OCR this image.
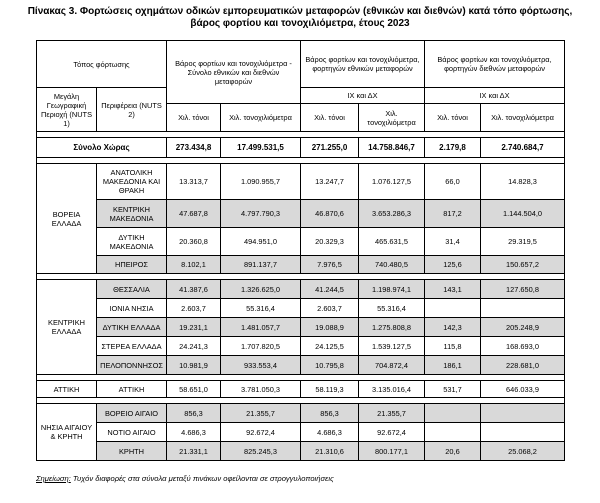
Πίνακας 3. Φορτώσεις οχημάτων οδικών εμπορευματικών μεταφορών (εθνικών και διεθνών) κατά τόπο φόρτωσης,
βάρος φορτίου και τονοχιλιόμετρα, έτους 2023
Τόπος φόρτωσης		Βάρος φορτίων και τονοχιλιόμετρα - Σύνολο εθνικών και διεθνών μεταφορών		Βάρος φορτίων και τονοχιλιόμετρα, φορτηγών εθνικών μεταφορών		Βάρος φορτίων και τονοχιλιόμετρα, φορτηγών διεθνών μεταφορών	
Μεγάλη Γεωγραφική Περιοχή (NUTS 1)	Περιφέρεια (NUTS 2)			ΙΧ και ΔΧ		ΙΧ και ΔΧ	
		Χιλ. τόνοι	Χιλ. τονοχιλιόμετρα	Χιλ. τόνοι	Χιλ. τονοχιλιόμετρα	Χιλ. τόνοι	Χιλ. τονοχιλιόμετρα

Σύνολο Χώρας		273.434,8	17.499.531,5	271.255,0	14.758.846,7	2.179,8	2.740.684,7

ΒΟΡΕΙΑ ΕΛΛΑΔΑ	ΑΝΑΤΟΛΙΚΗ ΜΑΚΕΔΟΝΙΑ ΚΑΙ ΘΡΑΚΗ	13.313,7	1.090.955,7	13.247,7	1.076.127,5	66,0	14.828,3
	ΚΕΝΤΡΙΚΗ ΜΑΚΕΔΟΝΙΑ	47.687,8	4.797.790,3	46.870,6	3.653.286,3	817,2	1.144.504,0
	ΔΥΤΙΚΗ ΜΑΚΕΔΟΝΙΑ	20.360,8	494.951,0	20.329,3	465.631,5	31,4	29.319,5
	ΗΠΕΙΡΟΣ	8.102,1	891.137,7	7.976,5	740.480,5	125,6	150.657,2

ΚΕΝΤΡΙΚΗ ΕΛΛΑΔΑ	ΘΕΣΣΑΛΙΑ	41.387,6	1.326.625,0	41.244,5	1.198.974,1	143,1	127.650,8
	ΙΟΝΙΑ ΝΗΣΙΑ	2.603,7	55.316,4	2.603,7	55.316,4		
	ΔΥΤΙΚΗ ΕΛΛΑΔΑ	19.231,1	1.481.057,7	19.088,9	1.275.808,8	142,3	205.248,9
	ΣΤΕΡΕΑ ΕΛΛΑΔΑ	24.241,3	1.707.820,5	24.125,5	1.539.127,5	115,8	168.693,0
	ΠΕΛΟΠΟΝΝΗΣΟΣ	10.981,9	933.553,4	10.795,8	704.872,4	186,1	228.681,0

ΑΤΤΙΚΗ	ΑΤΤΙΚΗ	58.651,0	3.781.050,3	58.119,3	3.135.016,4	531,7	646.033,9

ΝΗΣΙΑ ΑΙΓΑΙΟΥ & ΚΡΗΤΗ	ΒΟΡΕΙΟ ΑΙΓΑΙΟ	856,3	21.355,7	856,3	21.355,7		
	ΝΟΤΙΟ ΑΙΓΑΙΟ	4.686,3	92.672,4	4.686,3	92.672,4		
	ΚΡΗΤΗ	21.331,1	825.245,3	21.310,6	800.177,1	20,6	25.068,2
Σημείωση: Τυχόν διαφορές στα σύνολα μεταξύ πινάκων οφείλονται σε στρογγυλοποιήσεις
